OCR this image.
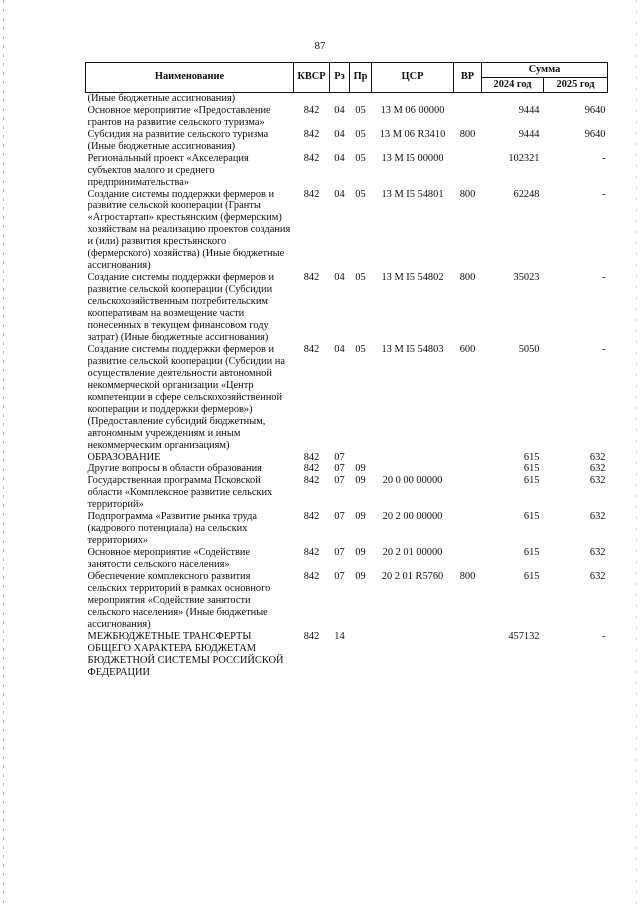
87
Наименование	КВСР	Рз	Пр	ЦСР	ВР	Сумма	
						2024 год	2025 год
(Иные бюджетные ассигнования)							
Основное мероприятие «Предоставление грантов на развитие сельского туризма»	842	04	05	13 М 06 00000		9444	9640
Субсидия на развитие сельского туризма (Иные бюджетные ассигнования)	842	04	05	13 М 06 R3410	800	9444	9640
Региональный проект «Акселерация субъектов малого и среднего предпринимательства»	842	04	05	13 М I5 00000		102321	-
Создание системы поддержки фермеров и развитие сельской кооперации (Гранты «Агростартап» крестьянским (фермерским) хозяйствам на реализацию проектов создания и (или) развития крестьянского (фермерского) хозяйства) (Иные бюджетные ассигнования)	842	04	05	13 М I5 54801	800	62248	-
Создание системы поддержки фермеров и развитие сельской кооперации (Субсидии сельскохозяйственным потребительским кооперативам на возмещение части понесенных в текущем финансовом году затрат) (Иные бюджетные ассигнования)	842	04	05	13 М I5 54802	800	35023	-
Создание системы поддержки фермеров и развитие сельской кооперации (Субсидии на осуществление деятельности автономной некоммерческой организации «Центр компетенции в сфере сельскохозяйственной кооперации и поддержки фермеров») (Предоставление субсидий бюджетным, автономным учреждениям и иным некоммерческим организациям)	842	04	05	13 М I5 54803	600	5050	-
ОБРАЗОВАНИЕ	842	07				615	632
Другие вопросы в области образования	842	07	09			615	632
Государственная программа Псковской области «Комплексное развитие сельских территорий»	842	07	09	20 0 00 00000		615	632
Подпрограмма «Развитие рынка труда (кадрового потенциала) на сельских территориях»	842	07	09	20 2 00 00000		615	632
Основное мероприятие «Содействие занятости сельского населения»	842	07	09	20 2 01 00000		615	632
Обеспечение комплексного развития сельских территорий в рамках основного мероприятия «Содействие занятости сельского населения» (Иные бюджетные ассигнования)	842	07	09	20 2 01 R5760	800	615	632
МЕЖБЮДЖЕТНЫЕ ТРАНСФЕРТЫ ОБЩЕГО ХАРАКТЕРА БЮДЖЕТАМ БЮДЖЕТНОЙ СИСТЕМЫ РОССИЙСКОЙ ФЕДЕРАЦИИ	842	14				457132	-
